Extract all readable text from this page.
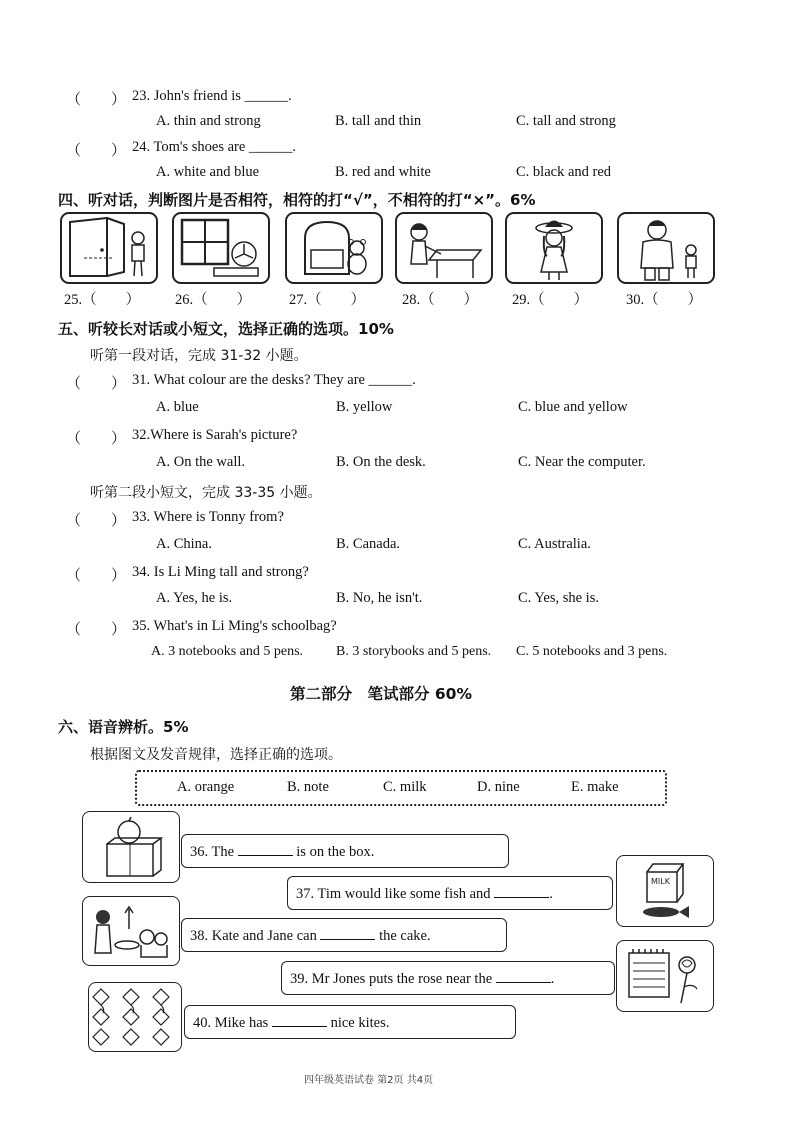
（　　 ） 23. John's friend is ______.
A. thin and strong	B. tall and thin	C. tall and strong
（　　 ） 24. Tom's shoes are ______.
A. white and blue	B. red and white	C. black and red
四、听对话，判断图片是否相符，相符的打“√”，不相符的打“×”。6%
25.（　　 ） 26.（　　 ）	27.（　　 ）	28.（　　 ） 29.（　　 ）	30.（　　 ）
五、听较长对话或小短文，选择正确的选项。10%
听第一段对话，完成 31-32 小题。
（　　 ） 31. What colour are the desks? They are ______.
A. blue	B. yellow	C. blue and yellow
（　　 ） 32.Where is Sarah's picture?
A. On the wall.	B. On the desk.	C. Near the computer.
听第二段小短文，完成 33-35 小题。
（　　 ） 33. Where is Tonny from?
A. China.	B. Canada.	C. Australia.
（　　 ） 34. Is Li Ming tall and strong?
A. Yes, he is.	B. No, he isn't.	C. Yes, she is.
（　　 ） 35. What's in Li Ming's schoolbag?
A. 3 notebooks and 5 pens. B. 3 storybooks and 5 pens. C. 5 notebooks and 3 pens.
第二部分　笔试部分 60%
六、语音辨析。5%
根据图文及发音规律，选择正确的选项。
A. orange	B. note	C. milk	D. nine	E. make
36. The	is on the box.
37. Tim would like some fish and	.
MILK
38. Kate and Jane can	the cake.
39. Mr Jones puts the rose near the	.
40. Mike has	nice kites.
四年级英语试卷 第2页 共4页
